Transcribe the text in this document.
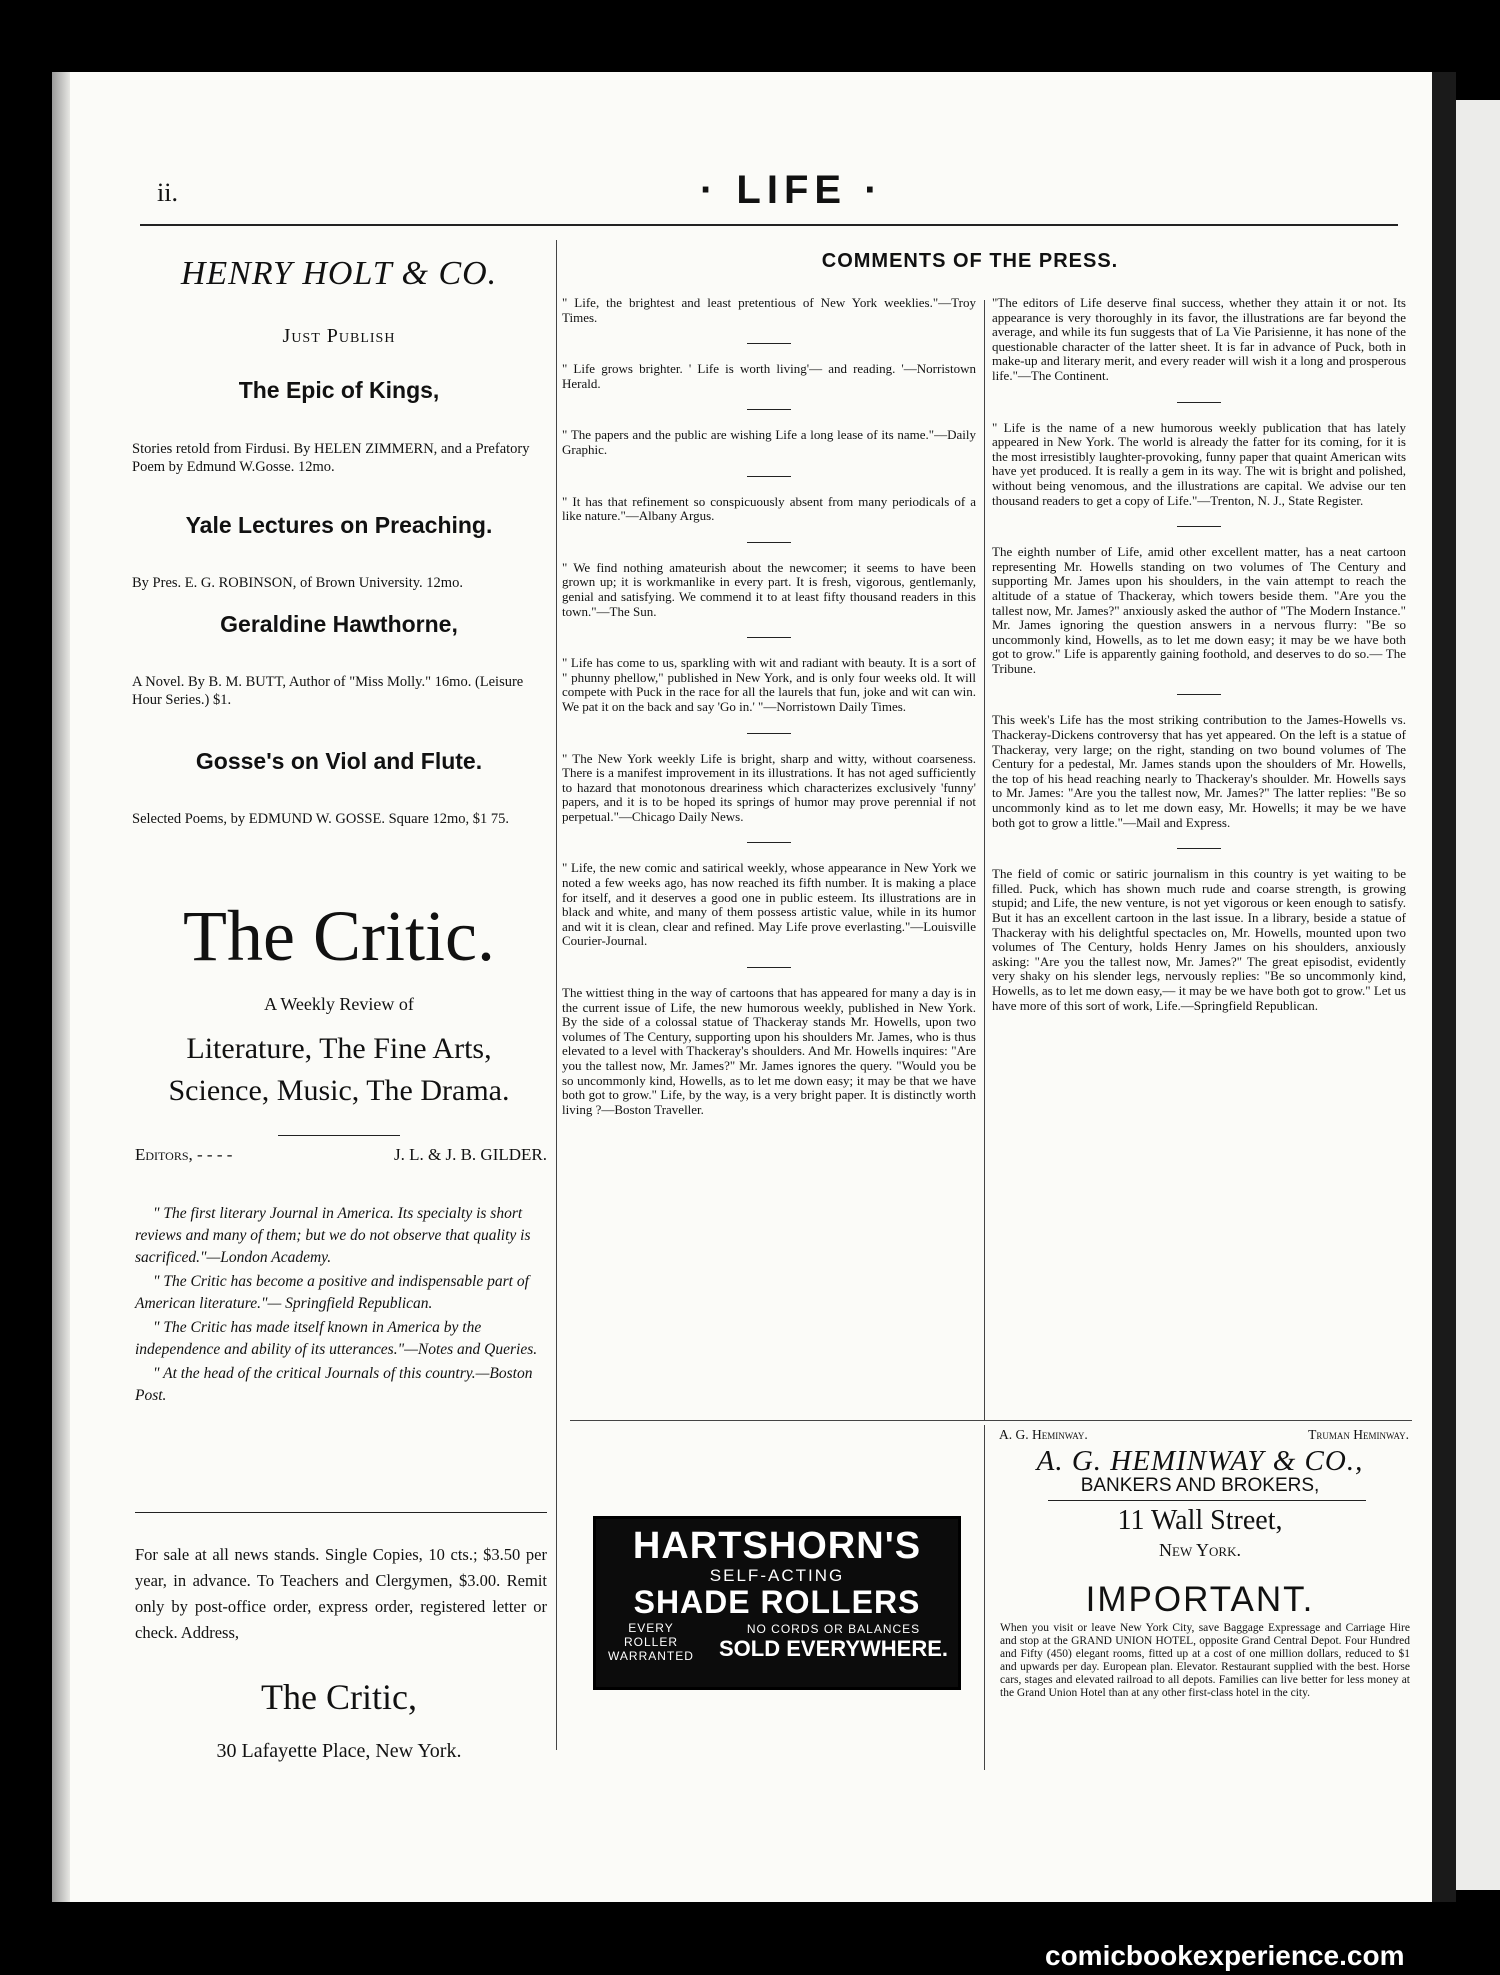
ii.	· LIFE ·
HENRY HOLT & CO.
Just Publish
The Epic of Kings,
Stories retold from Firdusi. By HELEN ZIMMERN, and a Prefatory Poem by Edmund W.Gosse. 12mo.
Yale Lectures on Preaching.
By Pres. E. G. ROBINSON, of Brown University. 12mo.
Geraldine Hawthorne,
A Novel. By B. M. BUTT, Author of "Miss Molly." 16mo. (Leisure Hour Series.) $1.
Gosse's on Viol and Flute.
Selected Poems, by EDMUND W. GOSSE. Square 12mo, $1 75.
The Critic.
A Weekly Review of
Literature, The Fine Arts,
Science, Music, The Drama.
J. L. & J. B. GILDER.
Editors, - - - -

" The first literary Journal in America. Its specialty is short reviews and many of them; but we do not observe that quality is sacrificed."—London Academy.

" The Critic has become a positive and indispensable part of American literature."— Springfield Republican.

" The Critic has made itself known in America by the independence and ability of its utterances."—Notes and Queries.

" At the head of the critical Journals of this country.—Boston Post.

For sale at all news stands. Single Copies, 10 cts.; $3.50 per year, in advance. To Teachers and Clergymen, $3.00. Remit only by post-office order, express order, registered letter or check. Address,
The Critic,
30 Lafayette Place, New York.
COMMENTS OF THE PRESS.

" Life, the brightest and least pretentious of New York weeklies."—Troy Times.

" Life grows brighter. ' Life is worth living'— and reading. '—Norristown Herald.

" The papers and the public are wishing Life a long lease of its name."—Daily Graphic.

" It has that refinement so conspicuously absent from many periodicals of a like nature."—Albany Argus.

" We find nothing amateurish about the newcomer; it seems to have been grown up; it is workmanlike in every part. It is fresh, vigorous, gentlemanly, genial and satisfying. We commend it to at least fifty thousand readers in this town."—The Sun.

" Life has come to us, sparkling with wit and radiant with beauty. It is a sort of " phunny phellow," published in New York, and is only four weeks old. It will compete with Puck in the race for all the laurels that fun, joke and wit can win. We pat it on the back and say 'Go in.' "—Norristown Daily Times.

" The New York weekly Life is bright, sharp and witty, without coarseness. There is a manifest improvement in its illustrations. It has not aged sufficiently to hazard that monotonous dreariness which characterizes exclusively 'funny' papers, and it is to be hoped its springs of humor may prove perennial if not perpetual."—Chicago Daily News.

" Life, the new comic and satirical weekly, whose appearance in New York we noted a few weeks ago, has now reached its fifth number. It is making a place for itself, and it deserves a good one in public esteem. Its illustrations are in black and white, and many of them possess artistic value, while in its humor and wit it is clean, clear and refined. May Life prove everlasting."—Louisville Courier-Journal.

The wittiest thing in the way of cartoons that has appeared for many a day is in the current issue of Life, the new humorous weekly, published in New York. By the side of a colossal statue of Thackeray stands Mr. Howells, upon two volumes of The Century, supporting upon his shoulders Mr. James, who is thus elevated to a level with Thackeray's shoulders. And Mr. Howells inquires: "Are you the tallest now, Mr. James?" Mr. James ignores the query. "Would you be so uncommonly kind, Howells, as to let me down easy; it may be that we have both got to grow." Life, by the way, is a very bright paper. It is distinctly worth living ?—Boston Traveller.

"The editors of Life deserve final success, whether they attain it or not. Its appearance is very thoroughly in its favor, the illustrations are far beyond the average, and while its fun suggests that of La Vie Parisienne, it has none of the questionable character of the latter sheet. It is far in advance of Puck, both in make-up and literary merit, and every reader will wish it a long and prosperous life."—The Continent.

" Life is the name of a new humorous weekly publication that has lately appeared in New York. The world is already the fatter for its coming, for it is the most irresistibly laughter-provoking, funny paper that quaint American wits have yet produced. It is really a gem in its way. The wit is bright and polished, without being venomous, and the illustrations are capital. We advise our ten thousand readers to get a copy of Life."—Trenton, N. J., State Register.

The eighth number of Life, amid other excellent matter, has a neat cartoon representing Mr. Howells standing on two volumes of The Century and supporting Mr. James upon his shoulders, in the vain attempt to reach the altitude of a statue of Thackeray, which towers beside them. "Are you the tallest now, Mr. James?" anxiously asked the author of "The Modern Instance." Mr. James ignoring the question answers in a nervous flurry: "Be so uncommonly kind, Howells, as to let me down easy; it may be we have both got to grow." Life is apparently gaining foothold, and deserves to do so.— The Tribune.

This week's Life has the most striking contribution to the James-Howells vs. Thackeray-Dickens controversy that has yet appeared. On the left is a statue of Thackeray, very large; on the right, standing on two bound volumes of The Century for a pedestal, Mr. James stands upon the shoulders of Mr. Howells, the top of his head reaching nearly to Thackeray's shoulder. Mr. Howells says to Mr. James: "Are you the tallest now, Mr. James?" The latter replies: "Be so uncommonly kind as to let me down easy, Mr. Howells; it may be we have both got to grow a little."—Mail and Express.

The field of comic or satiric journalism in this country is yet waiting to be filled. Puck, which has shown much rude and coarse strength, is growing stupid; and Life, the new venture, is not yet vigorous or keen enough to satisfy. But it has an excellent cartoon in the last issue. In a library, beside a statue of Thackeray with his delightful spectacles on, Mr. Howells, mounted upon two volumes of The Century, holds Henry James on his shoulders, anxiously asking: "Are you the tallest now, Mr. James?" The great episodist, evidently very shaky on his slender legs, nervously replies: "Be so uncommonly kind, Howells, as to let me down easy,— it may be we have both got to grow." Let us have more of this sort of work, Life.—Springfield Republican.

HARTSHORN'S
SELF-ACTING
SHADE ROLLERS
EVERY ROLLER WARRANTED
NO CORDS OR BALANCES
SOLD EVERYWHERE.
Truman Heminway.
A. G. Heminway.
A. G. HEMINWAY & CO.,
BANKERS AND BROKERS,
11 Wall Street,
New York.
IMPORTANT.
When you visit or leave New York City, save Baggage Expressage and Carriage Hire and stop at the GRAND UNION HOTEL, opposite Grand Central Depot. Four Hundred and Fifty (450) elegant rooms, fitted up at a cost of one million dollars, reduced to $1 and upwards per day. European plan. Elevator. Restaurant supplied with the best. Horse cars, stages and elevated railroad to all depots. Families can live better for less money at the Grand Union Hotel than at any other first-class hotel in the city.
comicbookexperience.com
